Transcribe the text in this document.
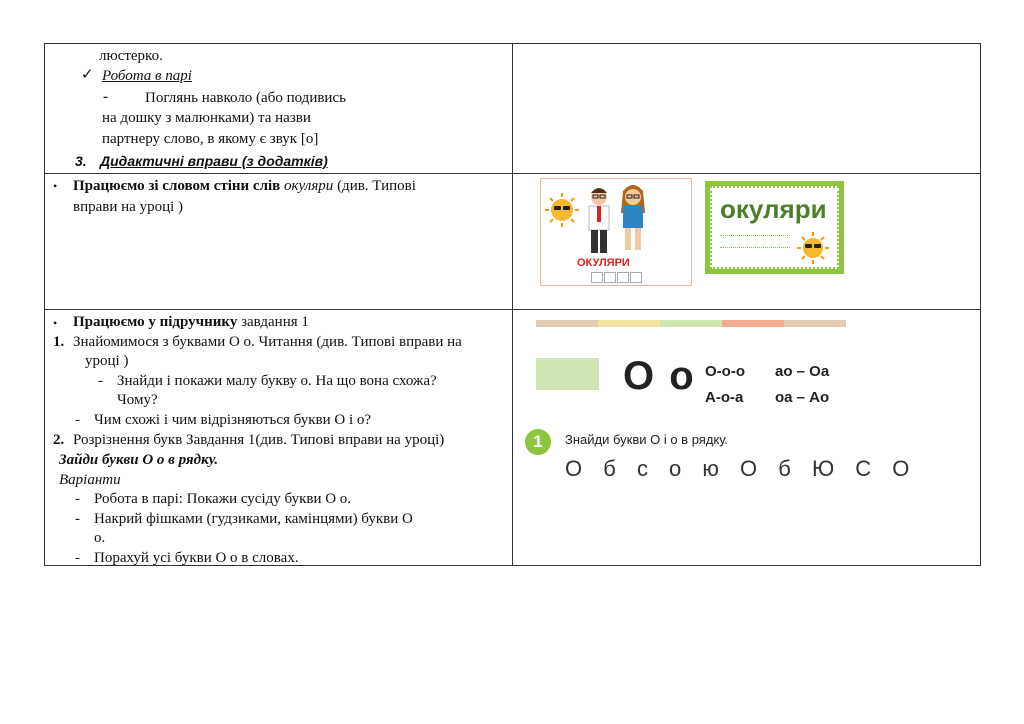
люстерко.
✓ Робота в парі
- Поглянь навколо (або подивись
на дошку з малюнками) та назви
партнеру слово, в якому є звук [о]
3. Дидактичні вправи (з додатків)
• Працюємо зі словом стіни слів окуляри (див. Типові
вправи на уроці )
ОКУЛЯРИ
окуляри
• Працюємо у підручнику завдання 1
1. Знайомимося з буквами О о. Читання (див. Типові вправи на
уроці )
- Знайди і покажи малу букву о. На що вона схожа?
Чому?
- Чим схожі і чим відрізняються букви О і о?
2. Розрізнення букв Завдання 1(див. Типові вправи на уроці)
Зайди букви О о в рядку.
Варіанти
- Робота в парі: Покажи сусіду букви О о.
- Накрий фішками (гудзиками, камінцями) букви О
о.
- Порахуй усі букви О о в словах.
О о О-о-о ао – Оа
А-о-а оа – Ао
1	Знайди букви О і о в рядку.
О б с о ю О б Ю С О
